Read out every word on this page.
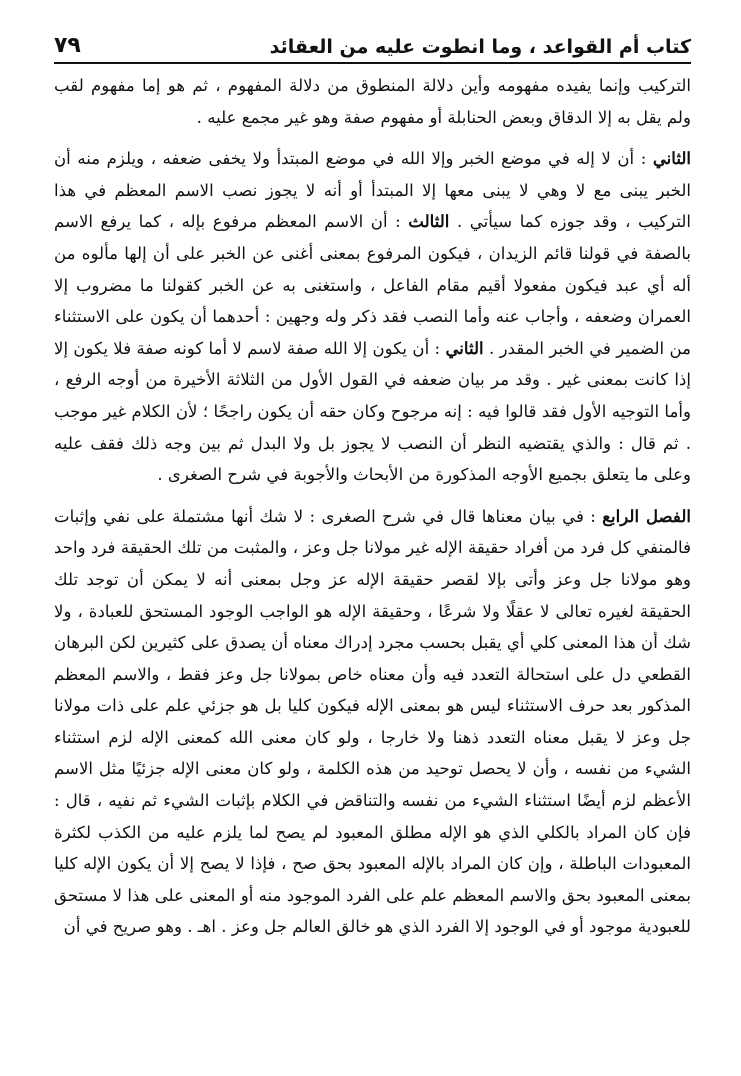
كتاب أم القواعد ، وما انطوت عليه من العقائد
٧٩

التركيب وإنما يفيده مفهومه وأين دلالة المنطوق من دلالة المفهوم ، ثم هو إما مفهوم لقب ولم يقل به إلا الدقاق وبعض الحنابلة أو مفهوم صفة وهو غير مجمع عليه .

الثاني : أن لا إله في موضع الخبر وإلا الله في موضع المبتدأ ولا يخفى ضعفه ، ويلزم منه أن الخبر يبنى مع لا وهي لا يبنى معها إلا المبتدأ أو أنه لا يجوز نصب الاسم المعظم في هذا التركيب ، وقد جوزه كما سيأتي . الثالث : أن الاسم المعظم مرفوع بإله ، كما يرفع الاسم بالصفة في قولنا قائم الزيدان ، فيكون المرفوع بمعنى أغنى عن الخبر على أن إلها مألوه من أله أي عبد فيكون مفعولا أقيم مقام الفاعل ، واستغنى به عن الخبر كقولنا ما مضروب إلا العمران وضعفه ، وأجاب عنه وأما النصب فقد ذكر وله وجهين : أحدهما أن يكون على الاستثناء من الضمير في الخبر المقدر . الثاني : أن يكون إلا الله صفة لاسم لا أما كونه صفة فلا يكون إلا إذا كانت بمعنى غير . وقد مر بيان ضعفه في القول الأول من الثلاثة الأخيرة من أوجه الرفع ، وأما التوجيه الأول فقد قالوا فيه : إنه مرجوح وكان حقه أن يكون راجحًا ؛ لأن الكلام غير موجب . ثم قال : والذي يقتضيه النظر أن النصب لا يجوز بل ولا البدل ثم بين وجه ذلك فقف عليه وعلى ما يتعلق بجميع الأوجه المذكورة من الأبحاث والأجوبة في شرح الصغرى .

الفصل الرابع : في بيان معناها قال في شرح الصغرى : لا شك أنها مشتملة على نفي وإثبات فالمنفي كل فرد من أفراد حقيقة الإله غير مولانا جل وعز ، والمثبت من تلك الحقيقة فرد واحد وهو مولانا جل وعز وأتى بإلا لقصر حقيقة الإله عز وجل بمعنى أنه لا يمكن أن توجد تلك الحقيقة لغيره تعالى لا عقلًا ولا شرعًا ، وحقيقة الإله هو الواجب الوجود المستحق للعبادة ، ولا شك أن هذا المعنى كلي أي يقبل بحسب مجرد إدراك معناه أن يصدق على كثيرين لكن البرهان القطعي دل على استحالة التعدد فيه وأن معناه خاص بمولانا جل وعز فقط ، والاسم المعظم المذكور بعد حرف الاستثناء ليس هو بمعنى الإله فيكون كليا بل هو جزئي علم على ذات مولانا جل وعز لا يقبل معناه التعدد ذهنا ولا خارجا ، ولو كان معنى الله كمعنى الإله لزم استثناء الشيء من نفسه ، وأن لا يحصل توحيد من هذه الكلمة ، ولو كان معنى الإله جزئيًا مثل الاسم الأعظم لزم أيضًا استثناء الشيء من نفسه والتناقض في الكلام بإثبات الشيء ثم نفيه ، قال : فإن كان المراد بالكلي الذي هو الإله مطلق المعبود لم يصح لما يلزم عليه من الكذب لكثرة المعبودات الباطلة ، وإن كان المراد بالإله المعبود بحق صح ، فإذا لا يصح إلا أن يكون الإله كليا بمعنى المعبود بحق والاسم المعظم علم على الفرد الموجود منه أو المعنى على هذا لا مستحق للعبودية موجود أو في الوجود إلا الفرد الذي هو خالق العالم جل وعز . اهـ . وهو صريح في أن
